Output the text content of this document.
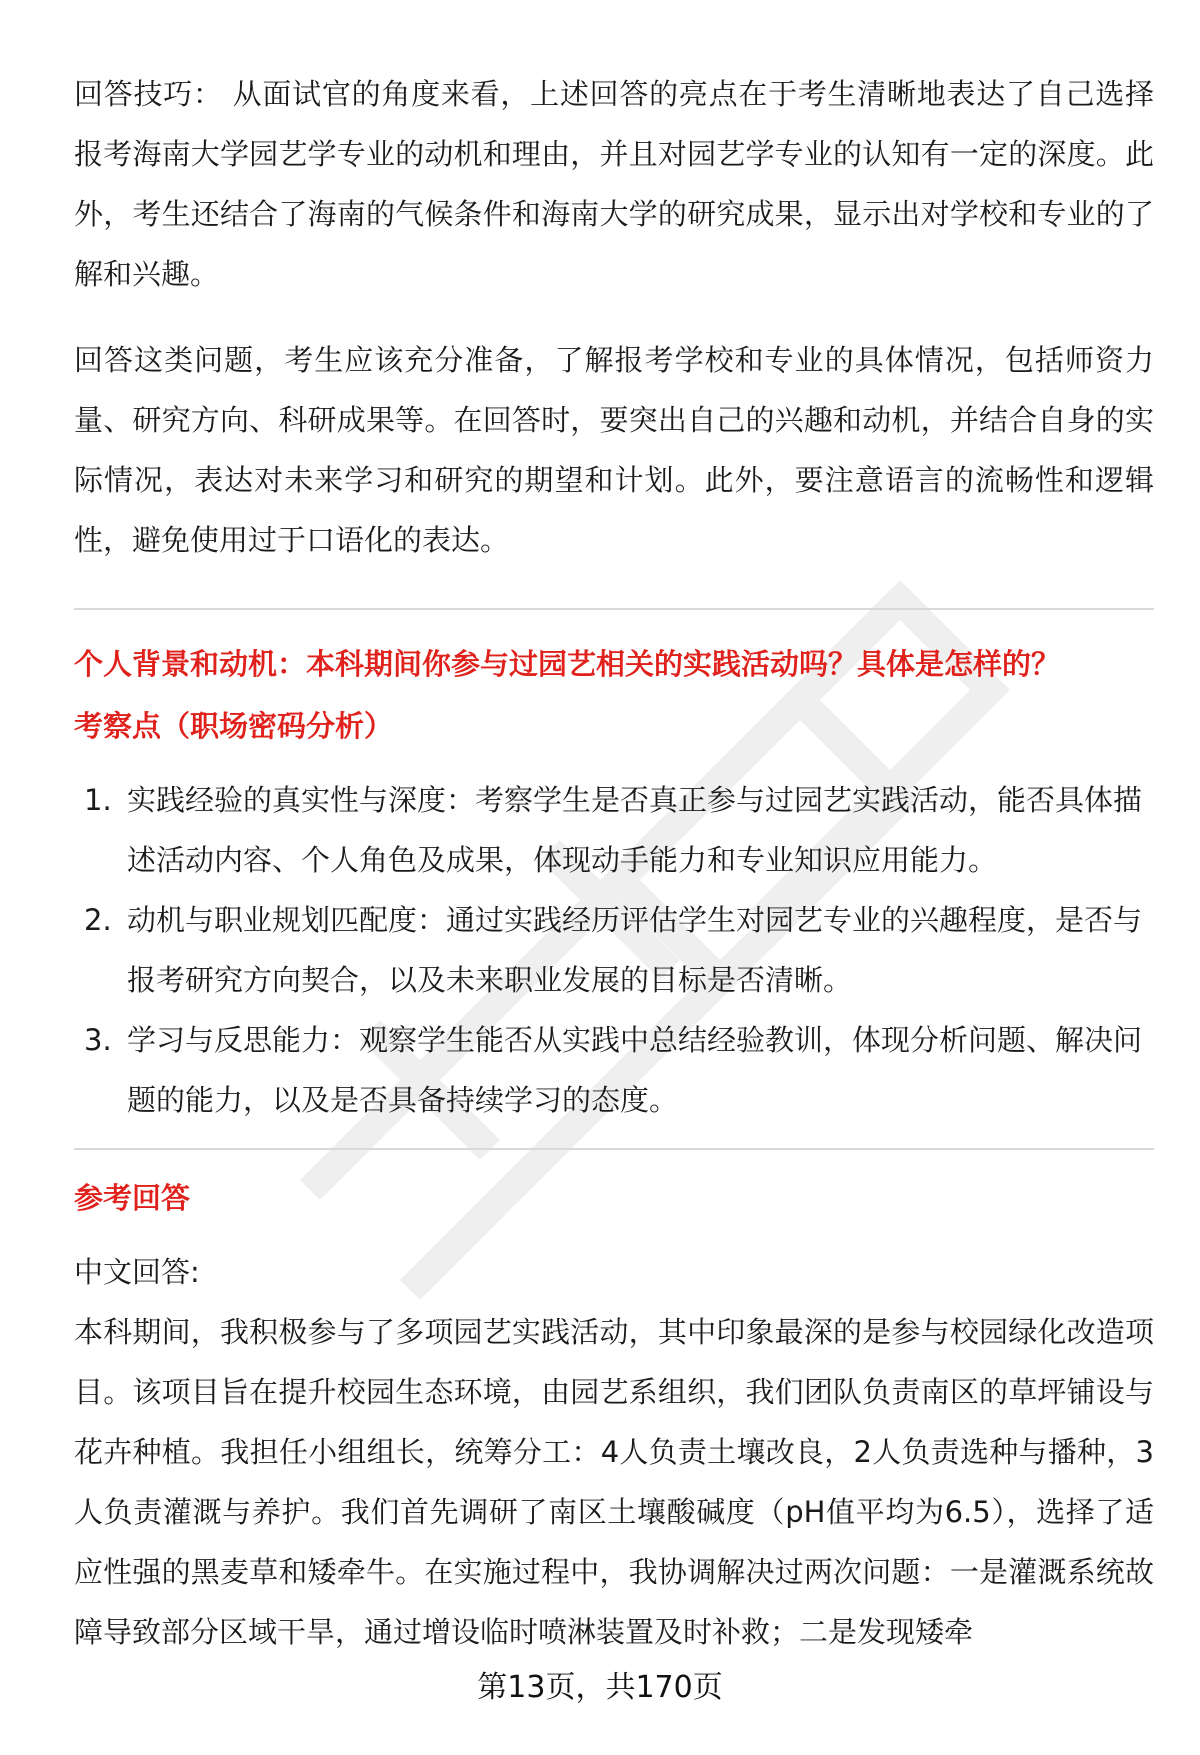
回答技巧： 从面试官的角度来看，上述回答的亮点在于考生清晰地表达了自己选择报考海南大学园艺学专业的动机和理由，并且对园艺学专业的认知有一定的深度。此外，考生还结合了海南的气候条件和海南大学的研究成果，显示出对学校和专业的了解和兴趣。

回答这类问题，考生应该充分准备，了解报考学校和专业的具体情况，包括师资力量、研究方向、科研成果等。在回答时，要突出自己的兴趣和动机，并结合自身的实际情况，表达对未来学习和研究的期望和计划。此外，要注意语言的流畅性和逻辑性，避免使用过于口语化的表达。

个人背景和动机：本科期间你参与过园艺相关的实践活动吗？具体是怎样的？

考察点（职场密码分析）

1. 实践经验的真实性与深度：考察学生是否真正参与过园艺实践活动，能否具体描述活动内容、个人角色及成果，体现动手能力和专业知识应用能力。
2. 动机与职业规划匹配度：通过实践经历评估学生对园艺专业的兴趣程度，是否与报考研究方向契合，以及未来职业发展的目标是否清晰。
3. 学习与反思能力：观察学生能否从实践中总结经验教训，体现分析问题、解决问题的能力，以及是否具备持续学习的态度。

参考回答

中文回答:

本科期间，我积极参与了多项园艺实践活动，其中印象最深的是参与校园绿化改造项目。该项目旨在提升校园生态环境，由园艺系组织，我们团队负责南区的草坪铺设与花卉种植。我担任小组组长，统筹分工：4人负责土壤改良，2人负责选种与播种，3人负责灌溉与养护。我们首先调研了南区土壤酸碱度（pH值平均为6.5），选择了适应性强的黑麦草和矮牵牛。在实施过程中，我协调解决过两次问题：一是灌溉系统故障导致部分区域干旱，通过增设临时喷淋装置及时补救；二是发现矮牵

第13页，共170页
